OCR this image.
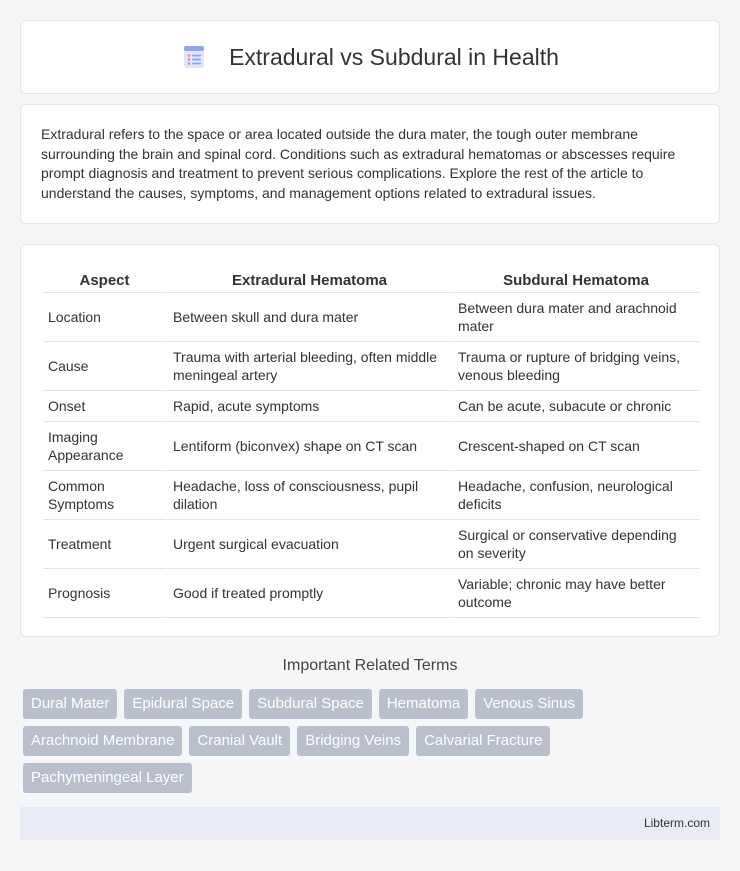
Extradural vs Subdural in Health

Extradural refers to the space or area located outside the dura mater, the tough outer membrane surrounding the brain and spinal cord. Conditions such as extradural hematomas or abscesses require prompt diagnosis and treatment to prevent serious complications. Explore the rest of the article to understand the causes, symptoms, and management options related to extradural issues.

Aspect	Extradural Hematoma	Subdural Hematoma
Location	Between skull and dura mater	Between dura mater and arachnoid mater
Cause	Trauma with arterial bleeding, often middle meningeal artery	Trauma or rupture of bridging veins, venous bleeding
Onset	Rapid, acute symptoms	Can be acute, subacute or chronic
Imaging Appearance	Lentiform (biconvex) shape on CT scan	Crescent-shaped on CT scan
Common Symptoms	Headache, loss of consciousness, pupil dilation	Headache, confusion, neurological deficits
Treatment	Urgent surgical evacuation	Surgical or conservative depending on severity
Prognosis	Good if treated promptly	Variable; chronic may have better outcome
Important Related Terms
Dural Mater	Epidural Space	Subdural Space	Hematoma	Venous Sinus
Arachnoid Membrane	Cranial Vault	Bridging Veins	Calvarial Fracture
Pachymeningeal Layer
Libterm.com
